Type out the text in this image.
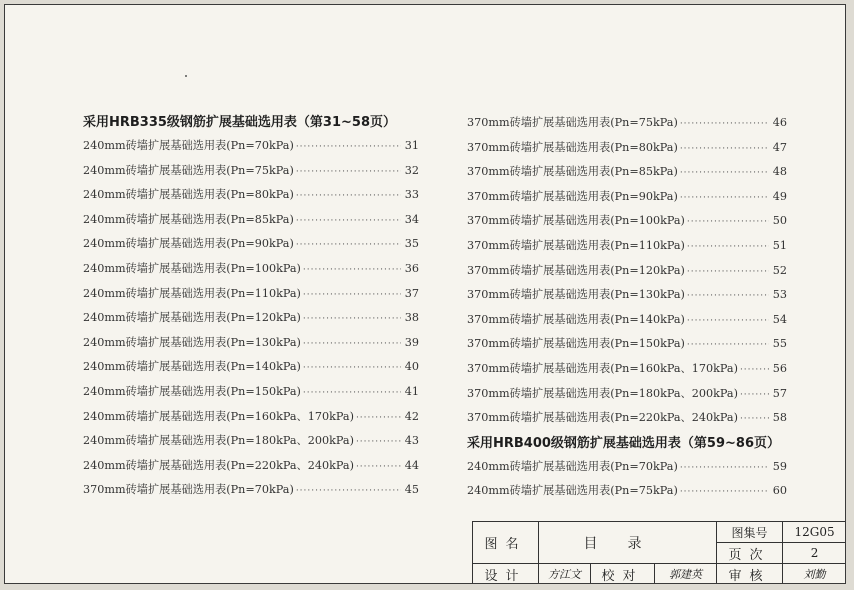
采用HRB335级钢筋扩展基础选用表（第31~58页）
240mm砖墙扩展基础选用表(Pn=70kPa) ·····	31
240mm砖墙扩展基础选用表(Pn=75kPa) ·····	32
240mm砖墙扩展基础选用表(Pn=80kPa) ·····	33
240mm砖墙扩展基础选用表(Pn=85kPa) ·····	34
240mm砖墙扩展基础选用表(Pn=90kPa) ·····	35
240mm砖墙扩展基础选用表(Pn=100kPa) ·····	36
240mm砖墙扩展基础选用表(Pn=110kPa) ·····	37
240mm砖墙扩展基础选用表(Pn=120kPa) ·····	38
240mm砖墙扩展基础选用表(Pn=130kPa) ·····	39
240mm砖墙扩展基础选用表(Pn=140kPa) ·····	40
240mm砖墙扩展基础选用表(Pn=150kPa) ·····	41
240mm砖墙扩展基础选用表(Pn=160kPa、170kPa) ·····	42
240mm砖墙扩展基础选用表(Pn=180kPa、200kPa) ·····	43
240mm砖墙扩展基础选用表(Pn=220kPa、240kPa) ·····	44
370mm砖墙扩展基础选用表(Pn=70kPa) ·····	45
370mm砖墙扩展基础选用表(Pn=75kPa) ·····	46
370mm砖墙扩展基础选用表(Pn=80kPa) ·····	47
370mm砖墙扩展基础选用表(Pn=85kPa) ·····	48
370mm砖墙扩展基础选用表(Pn=90kPa) ·····	49
370mm砖墙扩展基础选用表(Pn=100kPa) ·····	50
370mm砖墙扩展基础选用表(Pn=110kPa) ·····	51
370mm砖墙扩展基础选用表(Pn=120kPa) ·····	52
370mm砖墙扩展基础选用表(Pn=130kPa) ·····	53
370mm砖墙扩展基础选用表(Pn=140kPa) ·····	54
370mm砖墙扩展基础选用表(Pn=150kPa) ·····	55
370mm砖墙扩展基础选用表(Pn=160kPa、170kPa) ·····	56
370mm砖墙扩展基础选用表(Pn=180kPa、200kPa) ·····	57
370mm砖墙扩展基础选用表(Pn=220kPa、240kPa) ·····	58
采用HRB400级钢筋扩展基础选用表（第59~86页）
240mm砖墙扩展基础选用表(Pn=70kPa) ·····	59
240mm砖墙扩展基础选用表(Pn=75kPa) ·····	60
图名	目录			图集号	12G05
				页次	2
设计	方江文	校对	郭建英	审核	刘勤
